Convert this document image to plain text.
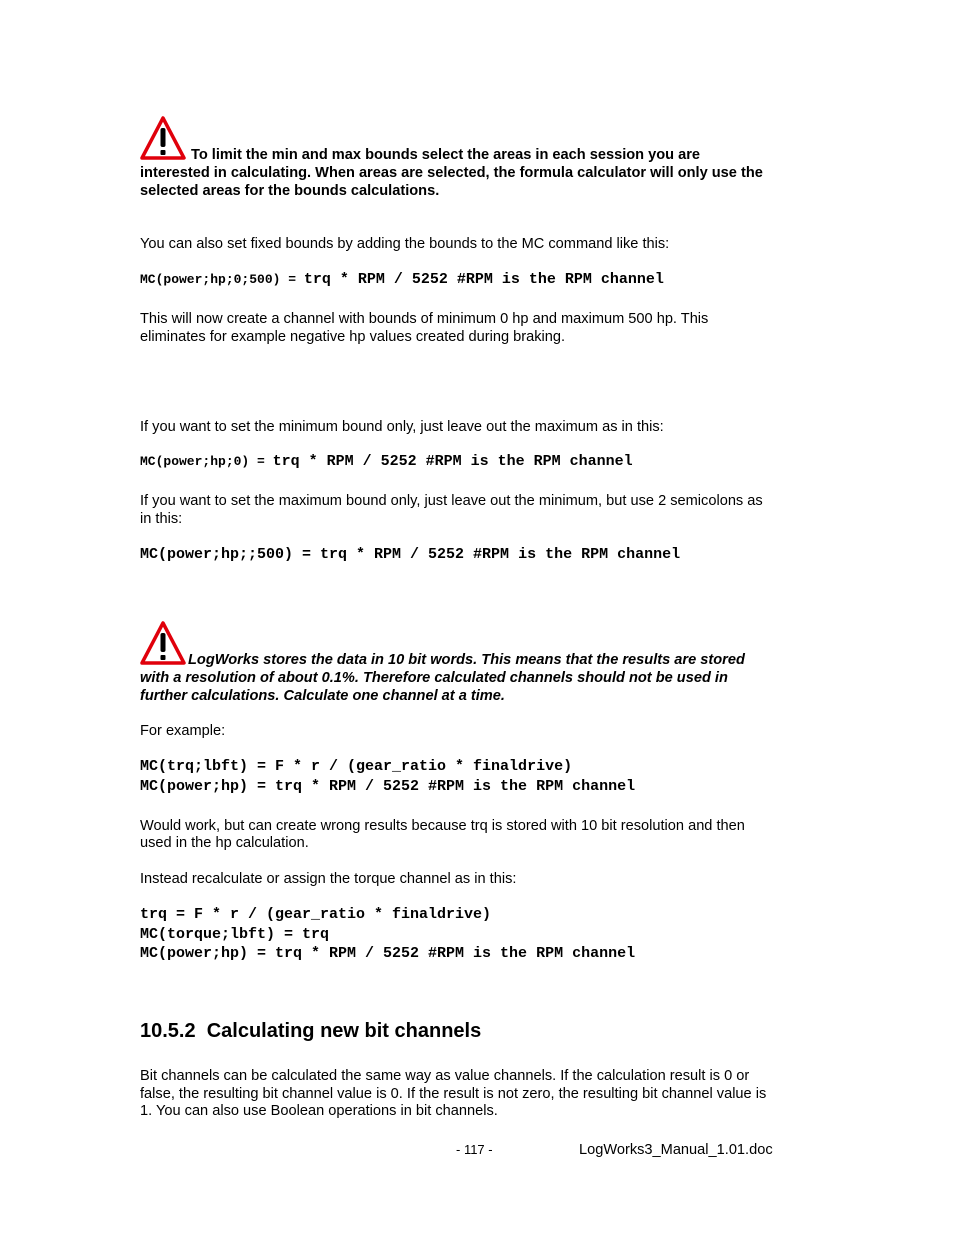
To limit the min and max bounds select the areas in each session you are
interested in calculating. When areas are selected, the formula calculator will only use the
selected areas for the bounds calculations.
You can also set fixed bounds by adding the bounds to the MC command like this:
MC(power;hp;0;500) = trq * RPM / 5252 #RPM is the RPM channel
This will now create a channel with bounds of minimum 0 hp and maximum 500 hp. This
eliminates for example negative hp values created during braking.
If you want to set the minimum bound only, just leave out the maximum as in this:
MC(power;hp;0) = trq * RPM / 5252 #RPM is the RPM channel
If you want to set the maximum bound only, just leave out the minimum, but use 2 semicolons as
in this:
MC(power;hp;;500) = trq * RPM / 5252 #RPM is the RPM channel
LogWorks stores the data in 10 bit words. This means that the results are stored
with a resolution of about 0.1%. Therefore calculated channels should not be used in
further calculations. Calculate one channel at a time.
For example:
MC(trq;lbft) = F * r / (gear_ratio * finaldrive)
MC(power;hp) = trq * RPM / 5252 #RPM is the RPM channel
Would work, but can create wrong results because trq is stored with 10 bit resolution and then
used in the hp calculation.
Instead recalculate or assign the torque channel as in this:
trq = F * r / (gear_ratio * finaldrive)
MC(torque;lbft) = trq
MC(power;hp) = trq * RPM / 5252 #RPM is the RPM channel
10.5.2  Calculating new bit channels
Bit channels can be calculated the same way as value channels. If the calculation result is 0 or
false, the resulting bit channel value is 0. If the result is not zero, the resulting bit channel value is
1. You can also use Boolean operations in bit channels.
- 117 -	LogWorks3_Manual_1.01.doc
